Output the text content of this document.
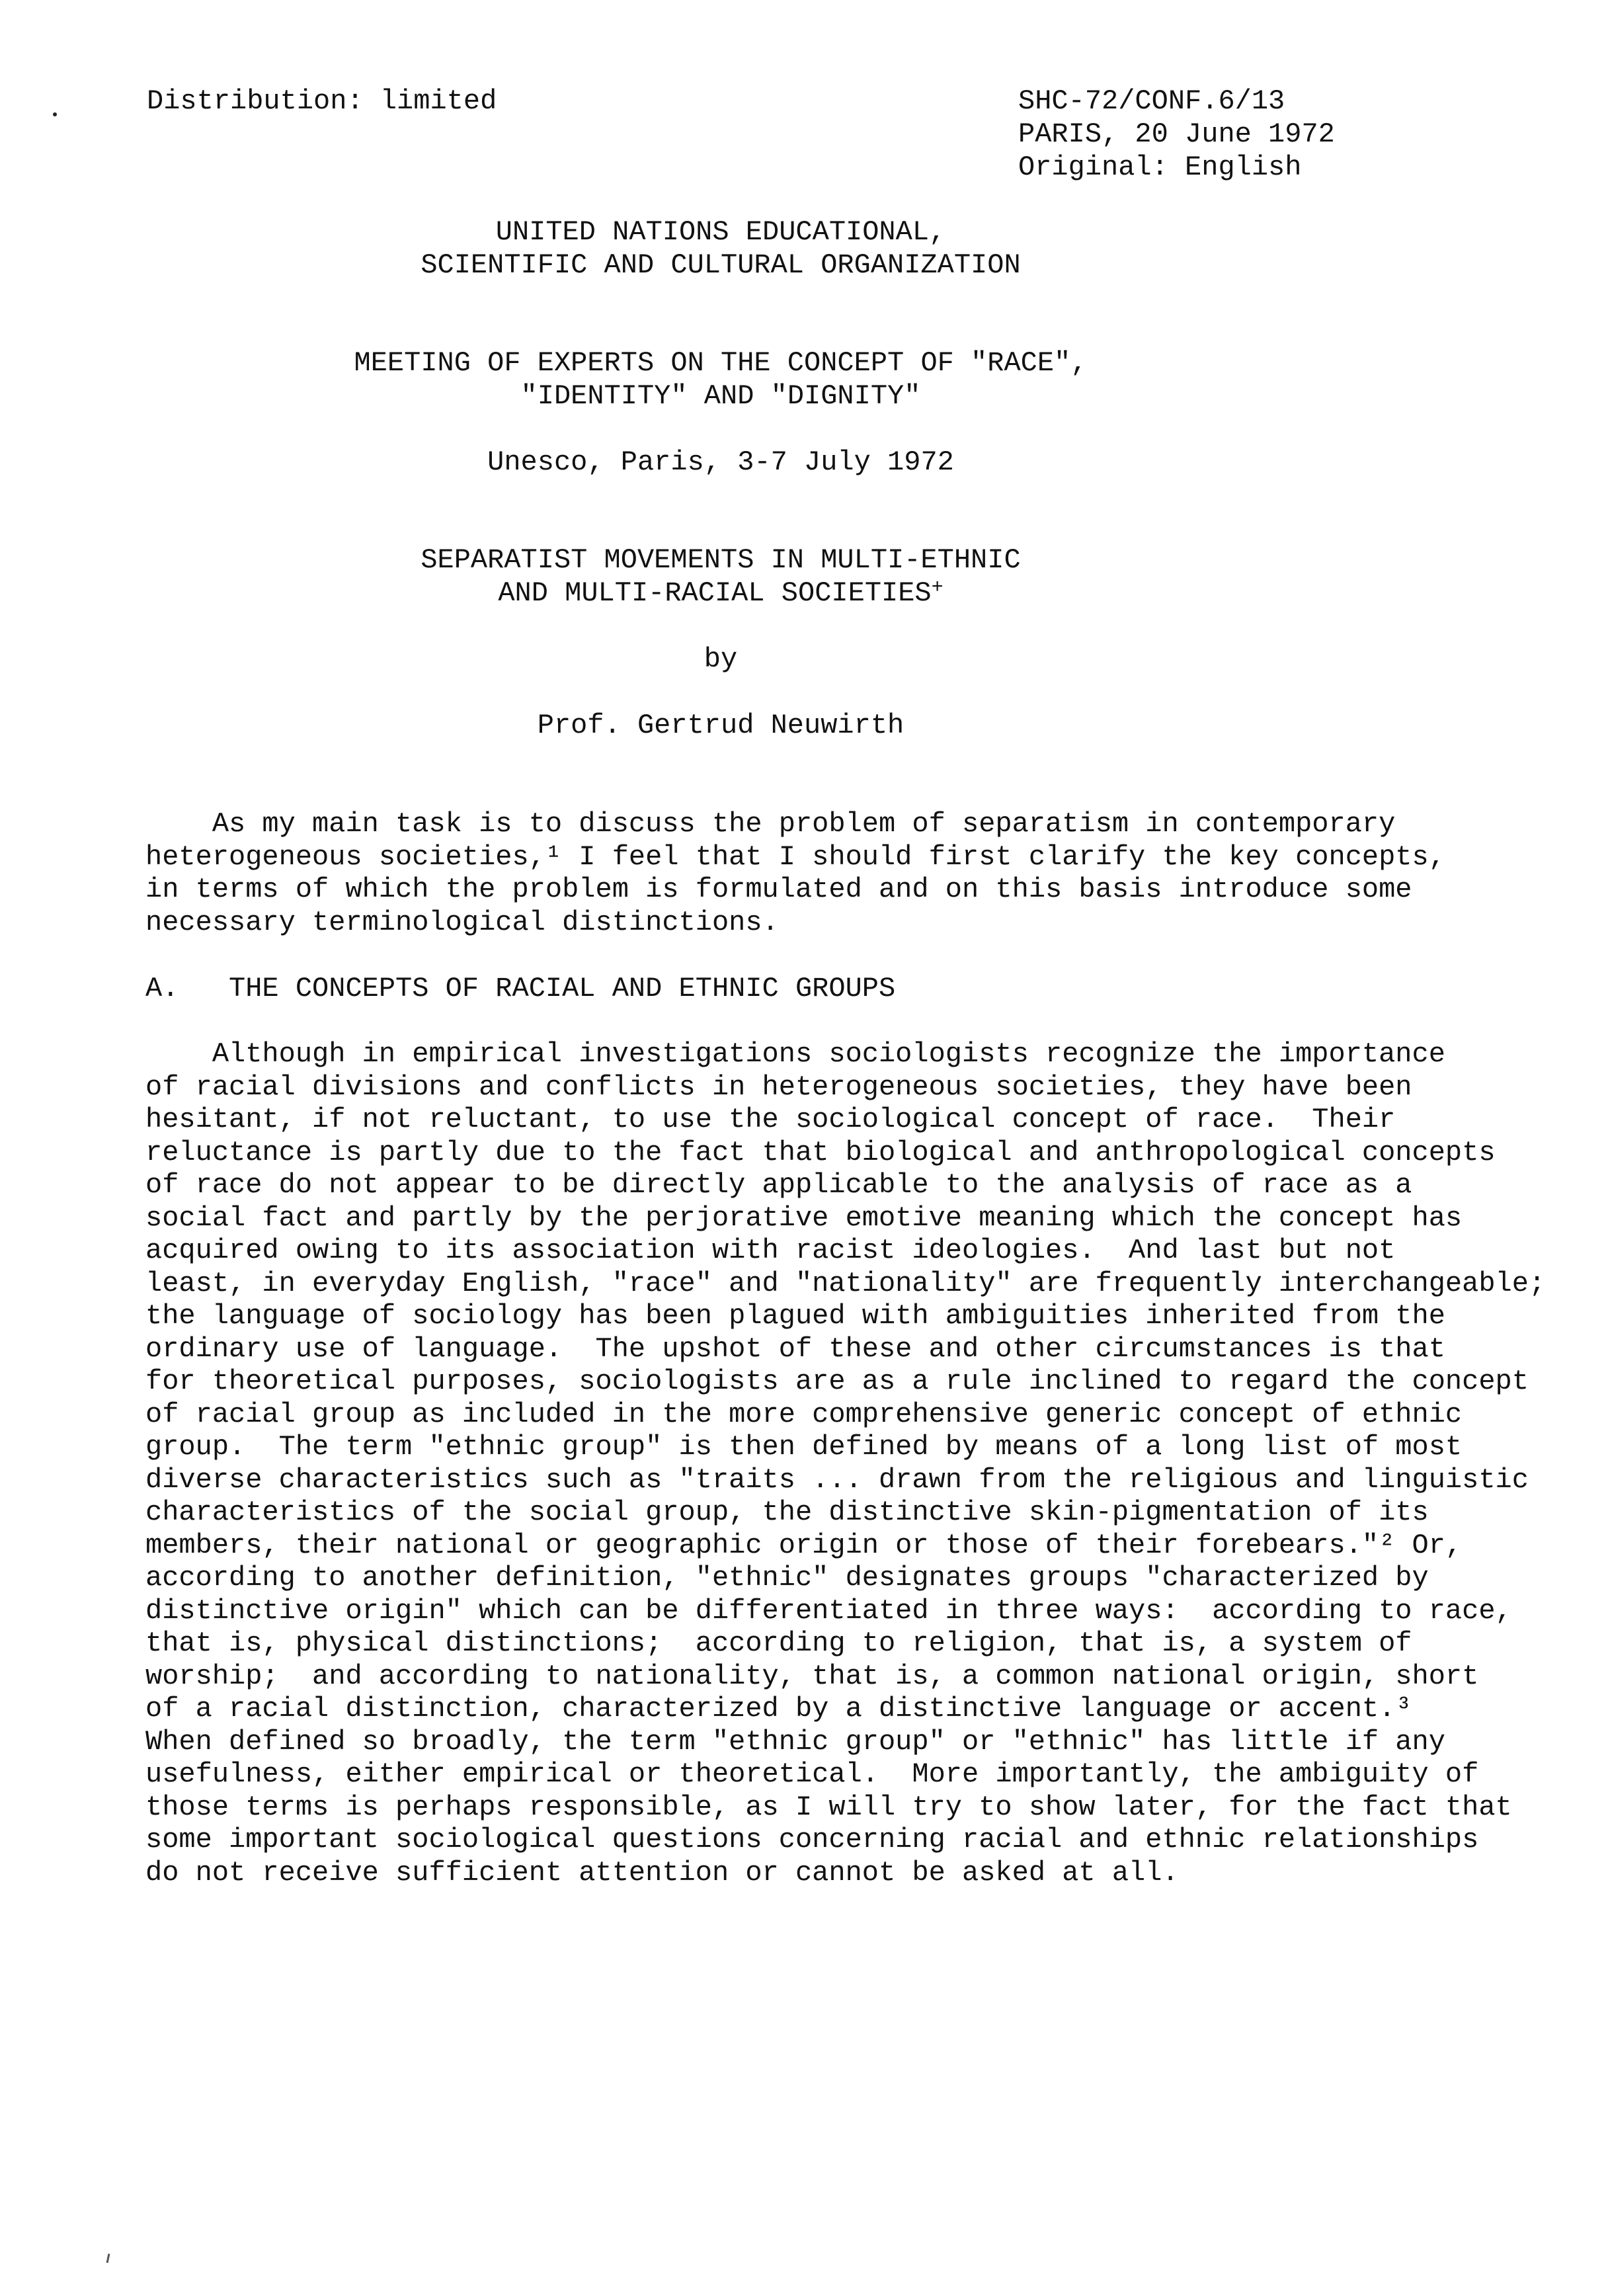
Distribution: limited	SHC-72/CONF.6/13

PARIS, 20 June 1972

Original: English

UNITED NATIONS EDUCATIONAL,

SCIENTIFIC AND CULTURAL ORGANIZATION

MEETING OF EXPERTS ON THE CONCEPT OF "RACE",

"IDENTITY" AND "DIGNITY"

Unesco, Paris, 3-7 July 1972

SEPARATIST MOVEMENTS IN MULTI-ETHNIC

AND MULTI-RACIAL SOCIETIES+

by

Prof. Gertrud Neuwirth

As my main task is to discuss the problem of separatism in contemporary
heterogeneous societies,¹ I feel that I should first clarify the key concepts,
in terms of which the problem is formulated and on this basis introduce some
necessary terminological distinctions.

A.   THE CONCEPTS OF RACIAL AND ETHNIC GROUPS

Although in empirical investigations sociologists recognize the importance
of racial divisions and conflicts in heterogeneous societies, they have been
hesitant, if not reluctant, to use the sociological concept of race.  Their
reluctance is partly due to the fact that biological and anthropological concepts
of race do not appear to be directly applicable to the analysis of race as a
social fact and partly by the perjorative emotive meaning which the concept has
acquired owing to its association with racist ideologies.  And last but not
least, in everyday English, "race" and "nationality" are frequently interchangeable;
the language of sociology has been plagued with ambiguities inherited from the
ordinary use of language.  The upshot of these and other circumstances is that
for theoretical purposes, sociologists are as a rule inclined to regard the concept
of racial group as included in the more comprehensive generic concept of ethnic
group.  The term "ethnic group" is then defined by means of a long list of most
diverse characteristics such as "traits ... drawn from the religious and linguistic
characteristics of the social group, the distinctive skin-pigmentation of its
members, their national or geographic origin or those of their forebears."² Or,
according to another definition, "ethnic" designates groups "characterized by
distinctive origin" which can be differentiated in three ways:  according to race,
that is, physical distinctions;  according to religion, that is, a system of
worship;  and according to nationality, that is, a common national origin, short
of a racial distinction, characterized by a distinctive language or accent.³
When defined so broadly, the term "ethnic group" or "ethnic" has little if any
usefulness, either empirical or theoretical.  More importantly, the ambiguity of
those terms is perhaps responsible, as I will try to show later, for the fact that
some important sociological questions concerning racial and ethnic relationships
do not receive sufficient attention or cannot be asked at all.
